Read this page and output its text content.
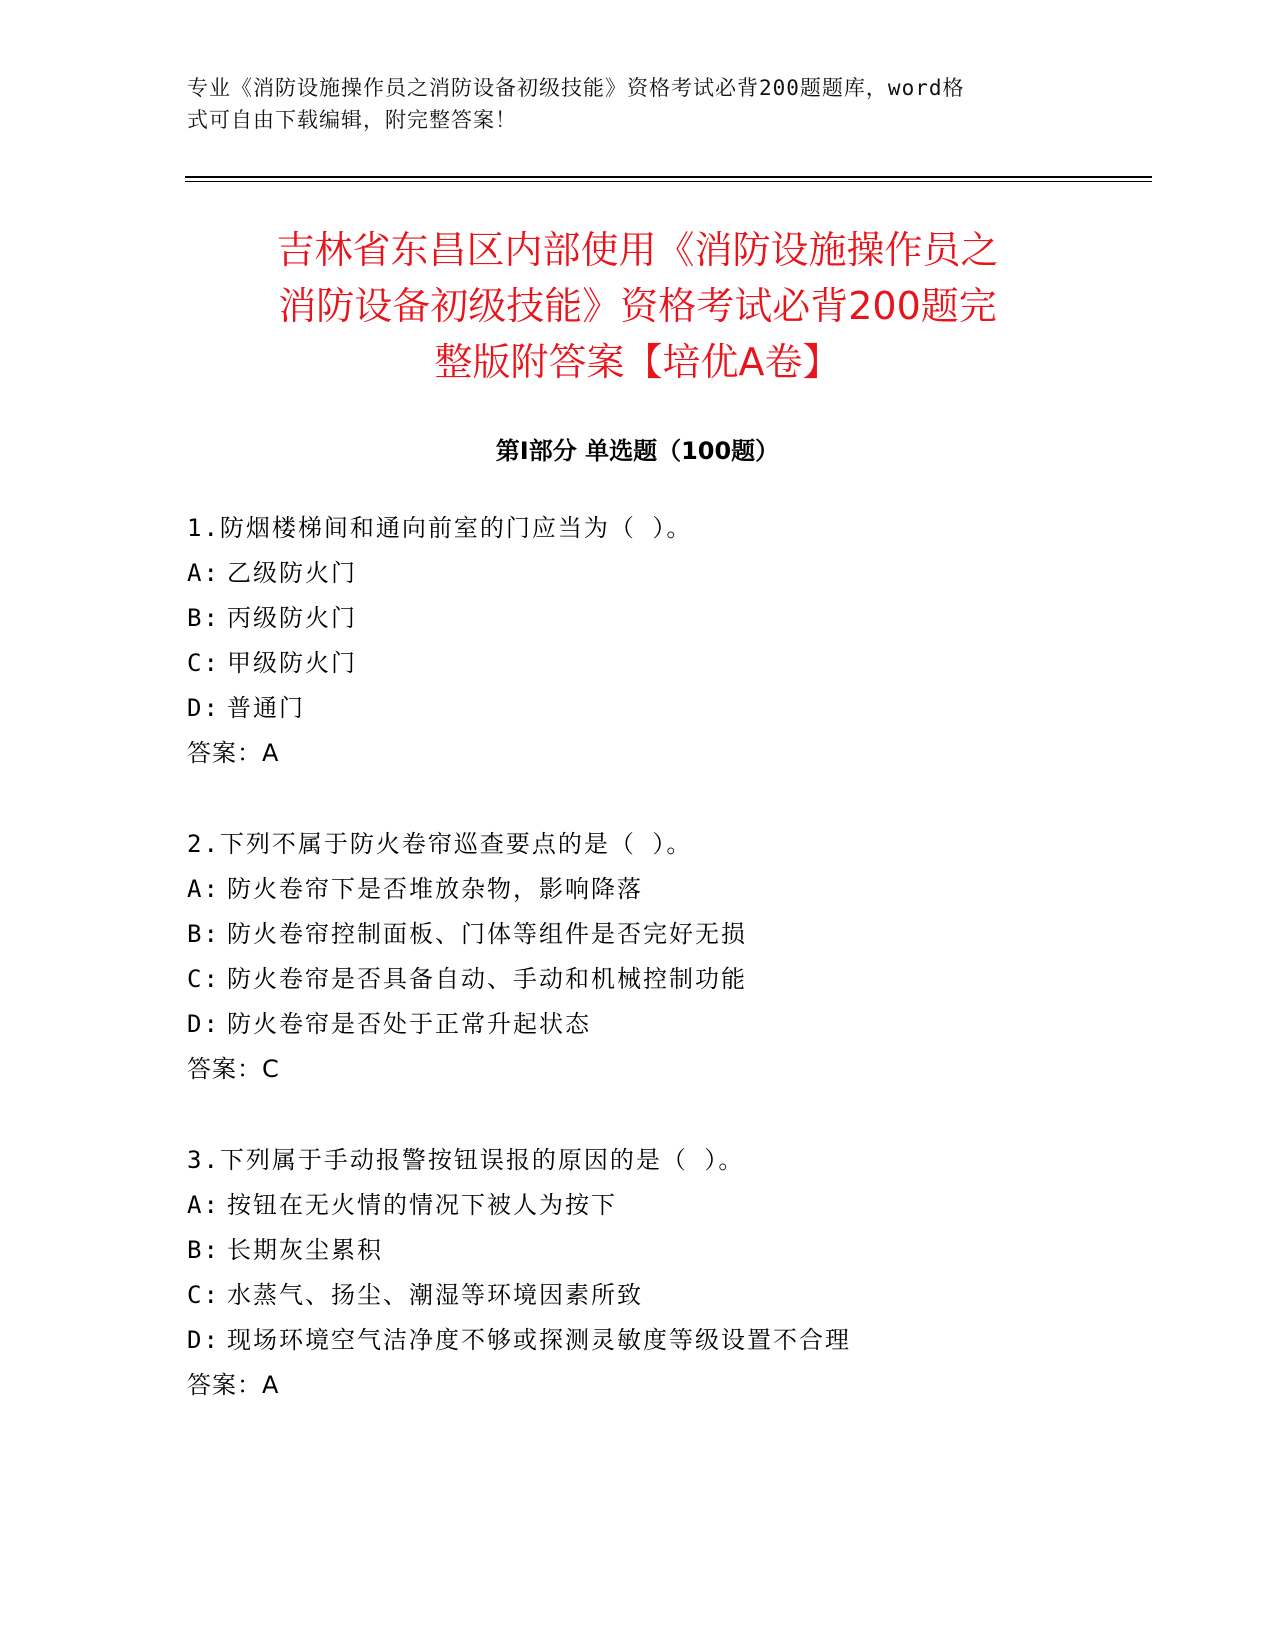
专业《消防设施操作员之消防设备初级技能》资格考试必背200题题库，word格
式可自由下载编辑，附完整答案！
吉林省东昌区内部使用《消防设施操作员之
消防设备初级技能》资格考试必背200题完
整版附答案【培优A卷】
第Ⅰ部分 单选题（100题）
1.防烟楼梯间和通向前室的门应当为（ ）。
A: 乙级防火门
B: 丙级防火门
C: 甲级防火门
D: 普通门
答案：A
2.下列不属于防火卷帘巡查要点的是（ ）。
A: 防火卷帘下是否堆放杂物，影响降落
B: 防火卷帘控制面板、门体等组件是否完好无损
C: 防火卷帘是否具备自动、手动和机械控制功能
D: 防火卷帘是否处于正常升起状态
答案：C
3.下列属于手动报警按钮误报的原因的是（ ）。
A: 按钮在无火情的情况下被人为按下
B: 长期灰尘累积
C: 水蒸气、扬尘、潮湿等环境因素所致
D: 现场环境空气洁净度不够或探测灵敏度等级设置不合理
答案：A
